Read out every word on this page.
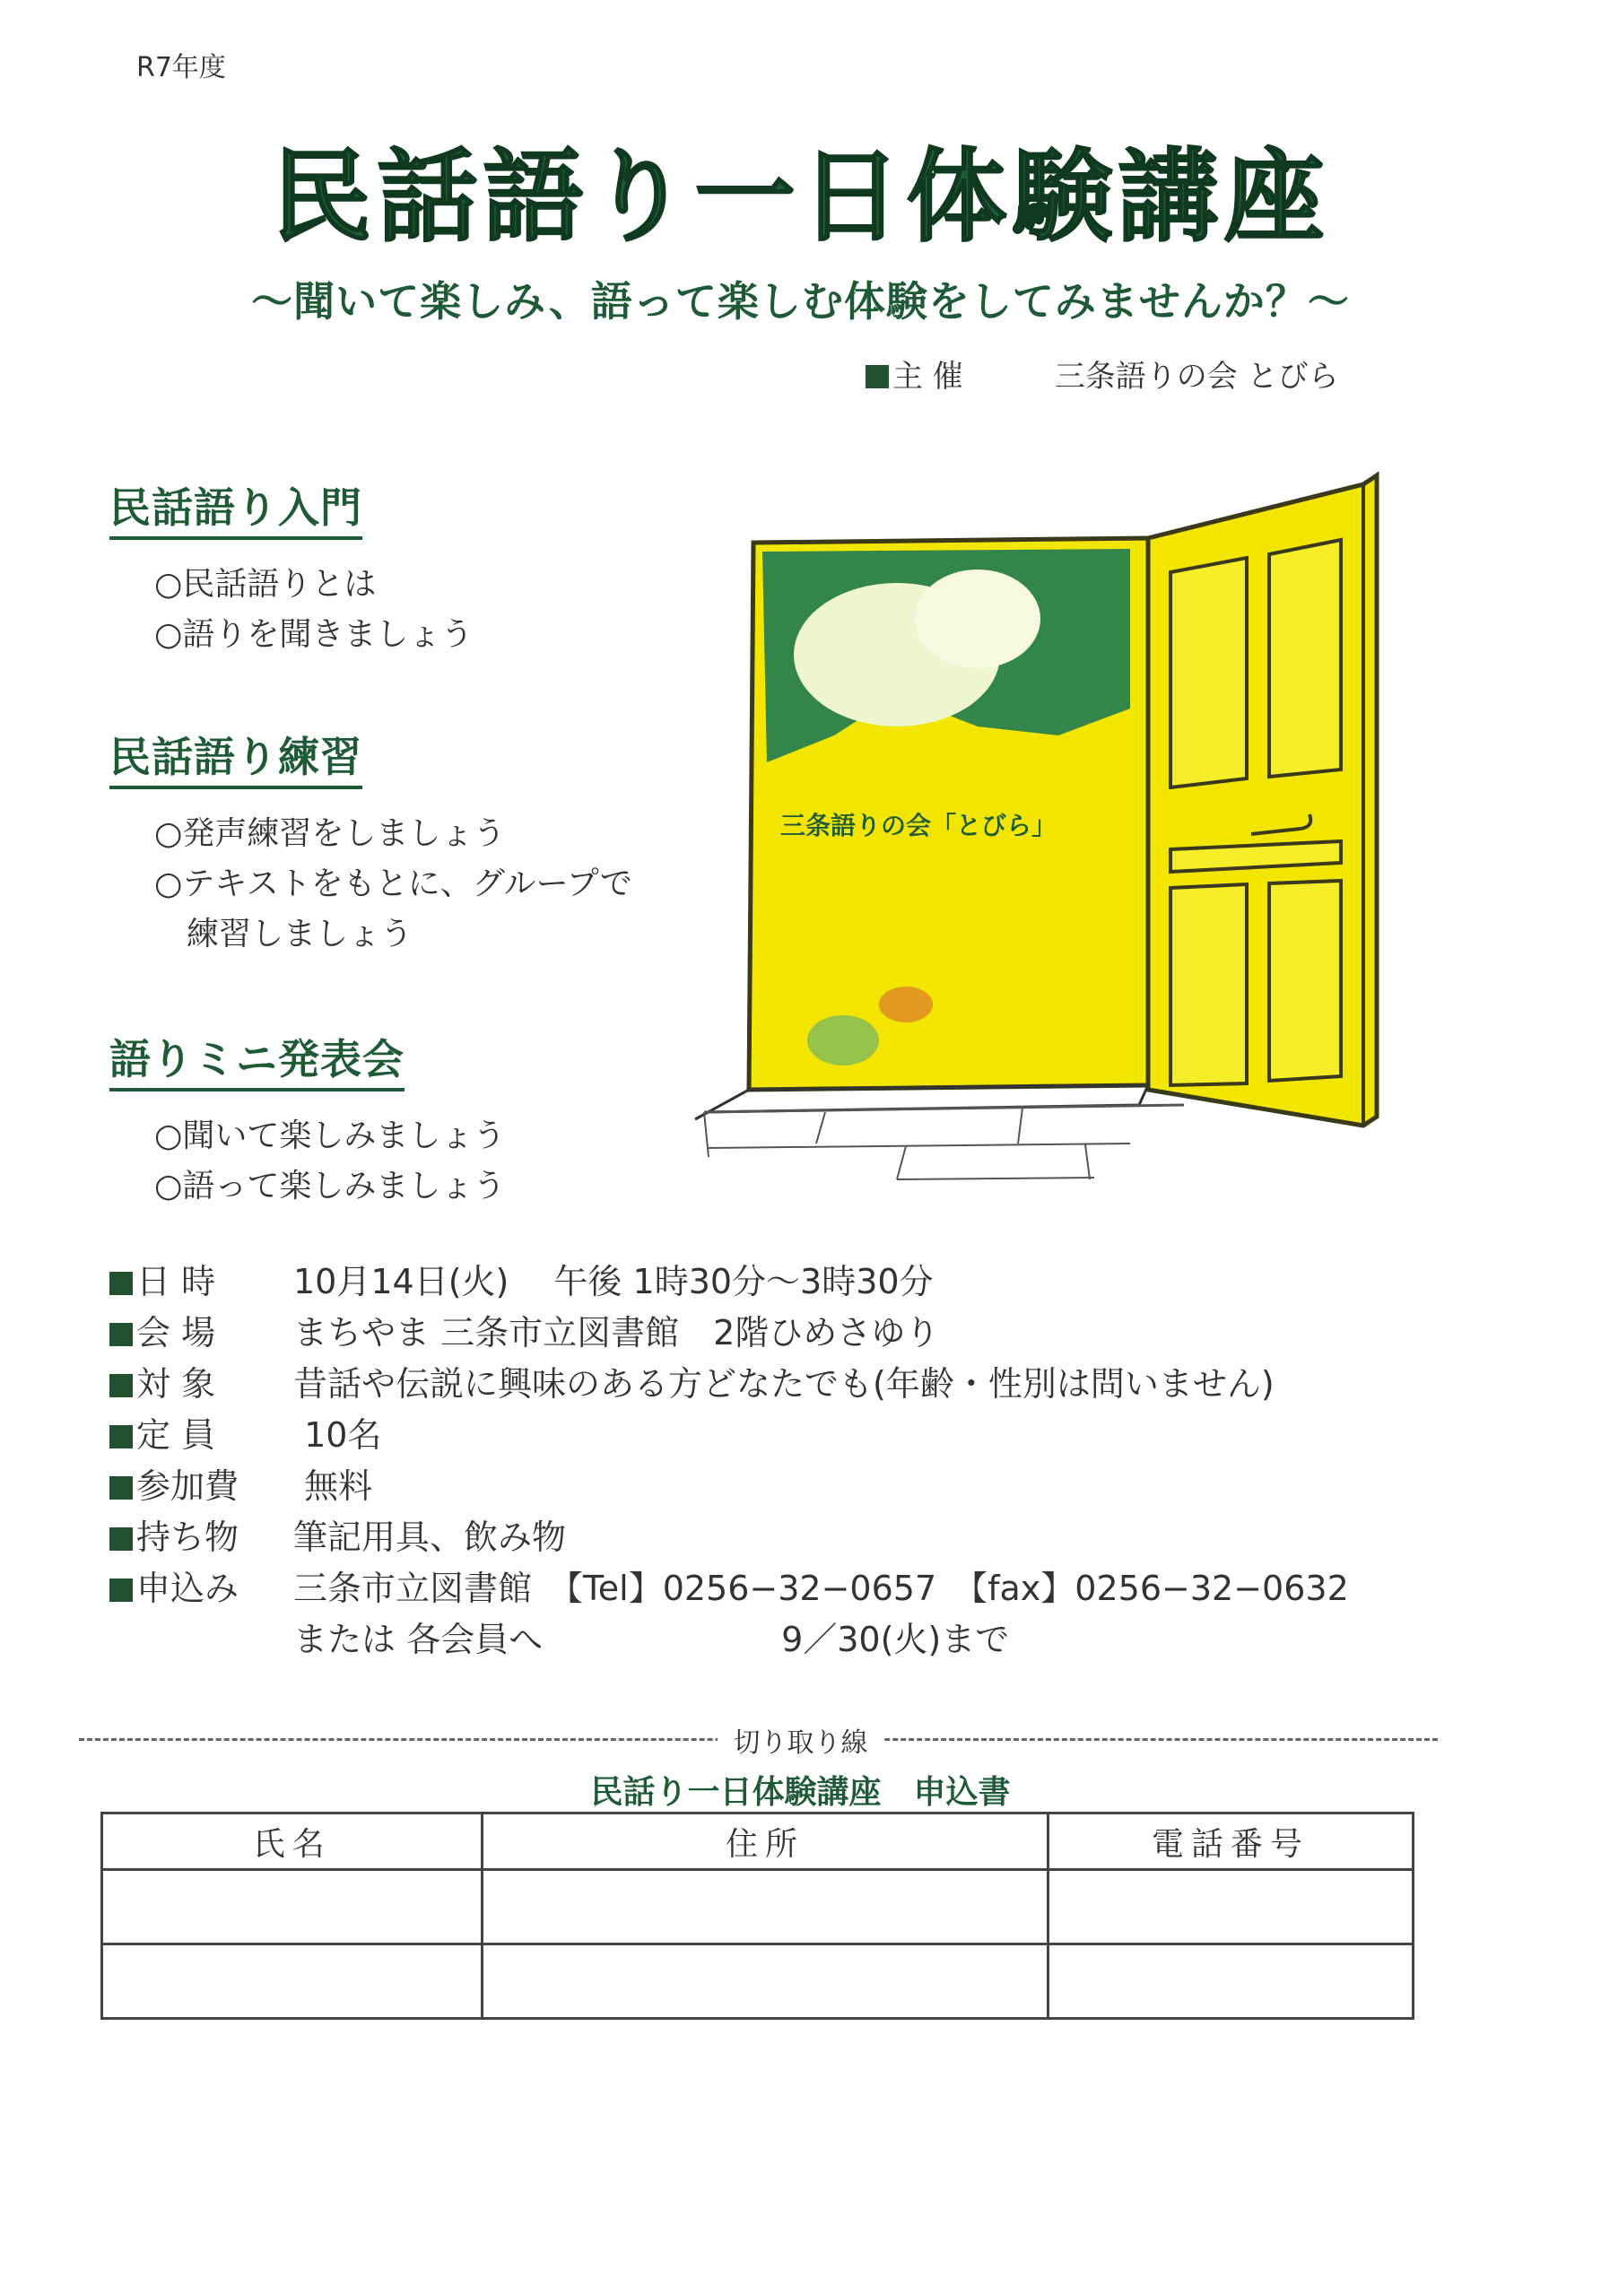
R7年度
民話語り一日体験講座
〜聞いて楽しみ、語って楽しむ体験をしてみませんか？〜
主 催　　　	三条語りの会 とびら
民話語り入門
○民話語りとは
○語りを聞きましょう
民話語り練習
○発声練習をしましょう
○テキストをもとに、グループで
　練習しましょう
語りミニ発表会
○聞いて楽しみましょう
○語って楽しみましょう
三条語りの会「とびら」
日 時	10月14日(火)　 午後 1時30分〜3時30分
会 場	まちやま 三条市立図書館　2階ひめさゆり
対 象	昔話や伝説に興味のある方どなたでも(年齢・性別は問いません)
定 員	10名
参加費	無料
持ち物	筆記用具、飲み物
申込み	三条市立図書館　【Tel】0256−32−0657　【fax】0256−32−0632
または 各会員へ　　　　　　　9／30(火)まで
切り取り線
民話り一日体験講座　申込書
氏名	住所	電話番号
